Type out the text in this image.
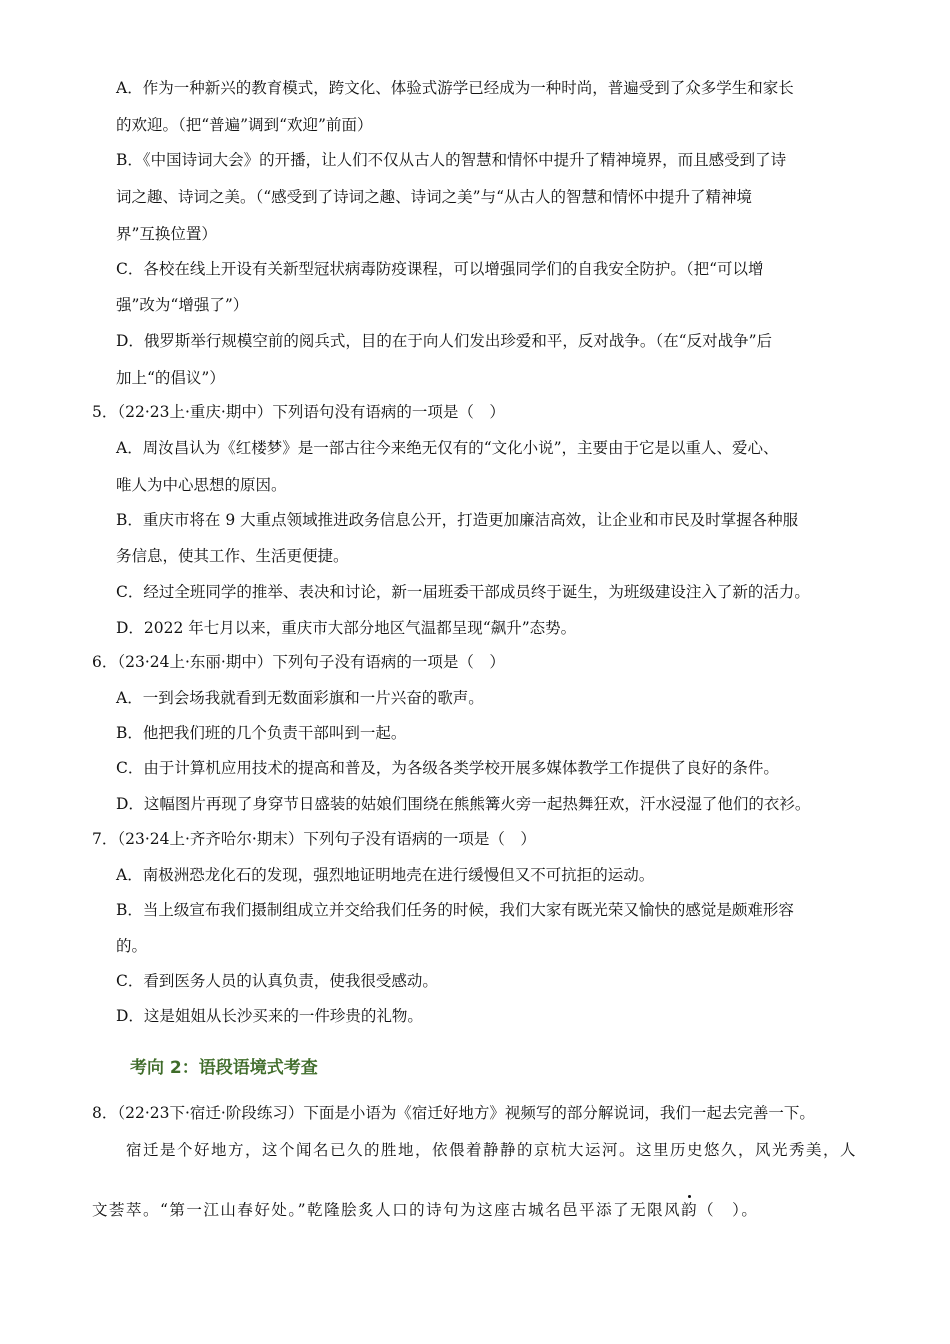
A．作为一种新兴的教育模式，跨文化、体验式游学已经成为一种时尚，普遍受到了众多学生和家长
的欢迎。（把“普遍”调到“欢迎”前面）
B．《中国诗词大会》的开播，让人们不仅从古人的智慧和情怀中提升了精神境界，而且感受到了诗
词之趣、诗词之美。（“感受到了诗词之趣、诗词之美”与“从古人的智慧和情怀中提升了精神境
界”互换位置）
C．各校在线上开设有关新型冠状病毒防疫课程，可以增强同学们的自我安全防护。（把“可以增
强”改为“增强了”）
D．俄罗斯举行规模空前的阅兵式，目的在于向人们发出珍爱和平，反对战争。（在“反对战争”后
加上“的倡议”）
5．（22·23上·重庆·期中）下列语句没有语病的一项是（　）
A．周汝昌认为《红楼梦》是一部古往今来绝无仅有的“文化小说”，主要由于它是以重人、爱心、
唯人为中心思想的原因。
B．重庆市将在 9 大重点领域推进政务信息公开，打造更加廉洁高效，让企业和市民及时掌握各种服
务信息，使其工作、生活更便捷。
C．经过全班同学的推举、表决和讨论，新一届班委干部成员终于诞生，为班级建设注入了新的活力。
D．2022 年七月以来，重庆市大部分地区气温都呈现“飙升”态势。
6．（23·24上·东丽·期中）下列句子没有语病的一项是（　）
A．一到会场我就看到无数面彩旗和一片兴奋的歌声。
B．他把我们班的几个负责干部叫到一起。
C．由于计算机应用技术的提高和普及，为各级各类学校开展多媒体教学工作提供了良好的条件。
D．这幅图片再现了身穿节日盛装的姑娘们围绕在熊熊篝火旁一起热舞狂欢，汗水浸湿了他们的衣衫。
7．（23·24上·齐齐哈尔·期末）下列句子没有语病的一项是（　）
A．南极洲恐龙化石的发现，强烈地证明地壳在进行缓慢但又不可抗拒的运动。
B．当上级宣布我们摄制组成立并交给我们任务的时候，我们大家有既光荣又愉快的感觉是颇难形容
的。
C．看到医务人员的认真负责，使我很受感动。
D．这是姐姐从长沙买来的一件珍贵的礼物。
考向 2：语段语境式考查
8．（22·23下·宿迁·阶段练习）下面是小语为《宿迁好地方》视频写的部分解说词，我们一起去完善一下。
宿迁是个好地方，这个闻名已久的胜地，依偎着静静的京杭大运河。这里历史悠久，风光秀美，人
文荟萃。“第一江山春好处。”乾隆脍炙人口的诗句为这座古城名邑平添了无限风韵（　）。
